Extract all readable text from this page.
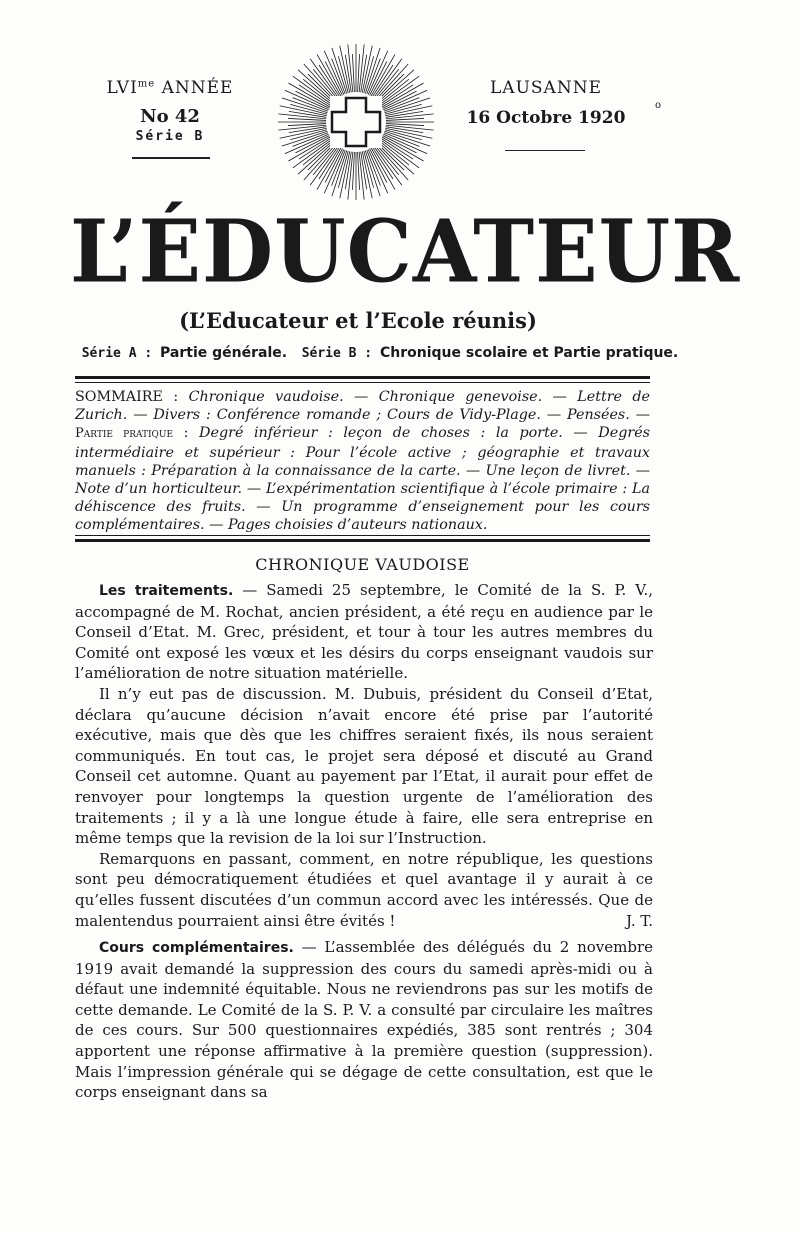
$LVI^{me}$ ANNÉE
No 42
Série B
LAUSANNE
16 Octobre 1920
o
L’ÉDUCATEUR
(L’Educateur et l’Ecole réunis)
Série A : Partie générale. Série B : Chronique scolaire et Partie pratique.
SOMMAIRE : Chronique vaudoise. — Chronique genevoise. — Lettre de Zurich. — Divers : Conférence romande ; Cours de Vidy-Plage. — Pensées. — Partie pratique : Degré inférieur : leçon de choses : la porte. — Degrés intermédiaire et supérieur : Pour l’école active ; géographie et travaux manuels : Préparation à la connaissance de la carte. — Une leçon de livret. — Note d’un horticulteur. — L’expérimentation scientifique à l’école primaire : La déhiscence des fruits. — Un programme d’enseignement pour les cours complémentaires. — Pages choisies d’auteurs nationaux.
CHRONIQUE VAUDOISE

Les traitements. — Samedi 25 septembre, le Comité de la S. P. V., accompagné de M. Rochat, ancien président, a été reçu en audience par le Conseil d’Etat. M. Grec, président, et tour à tour les autres membres du Comité ont exposé les vœux et les désirs du corps enseignant vaudois sur l’amélioration de notre situation matérielle.

Il n’y eut pas de discussion. M. Dubuis, président du Conseil d’Etat, déclara qu’aucune décision n’avait encore été prise par l’autorité exécutive, mais que dès que les chiffres seraient fixés, ils nous seraient communiqués. En tout cas, le projet sera déposé et discuté au Grand Conseil cet automne. Quant au payement par l’Etat, il aurait pour effet de renvoyer pour longtemps la question urgente de l’amélioration des traitements ; il y a là une longue étude à faire, elle sera entreprise en même temps que la revision de la loi sur l’Instruction.

Remarquons en passant, comment, en notre république, les questions sont peu démocratiquement étudiées et quel avantage il y aurait à ce qu’elles fussent discutées d’un commun accord avec les intéressés. Que de malentendus pourraient ainsi être évités !	J. T.

Cours complémentaires. — L’assemblée des délégués du 2 novembre 1919 avait demandé la suppression des cours du samedi après-midi ou à défaut une indemnité équitable. Nous ne reviendrons pas sur les motifs de cette demande. Le Comité de la S. P. V. a consulté par circulaire les maîtres de ces cours. Sur 500 questionnaires expédiés, 385 sont rentrés ; 304 apportent une réponse affirmative à la première question (suppression). Mais l’impression générale qui se dégage de cette consultation, est que le corps enseignant dans sa
